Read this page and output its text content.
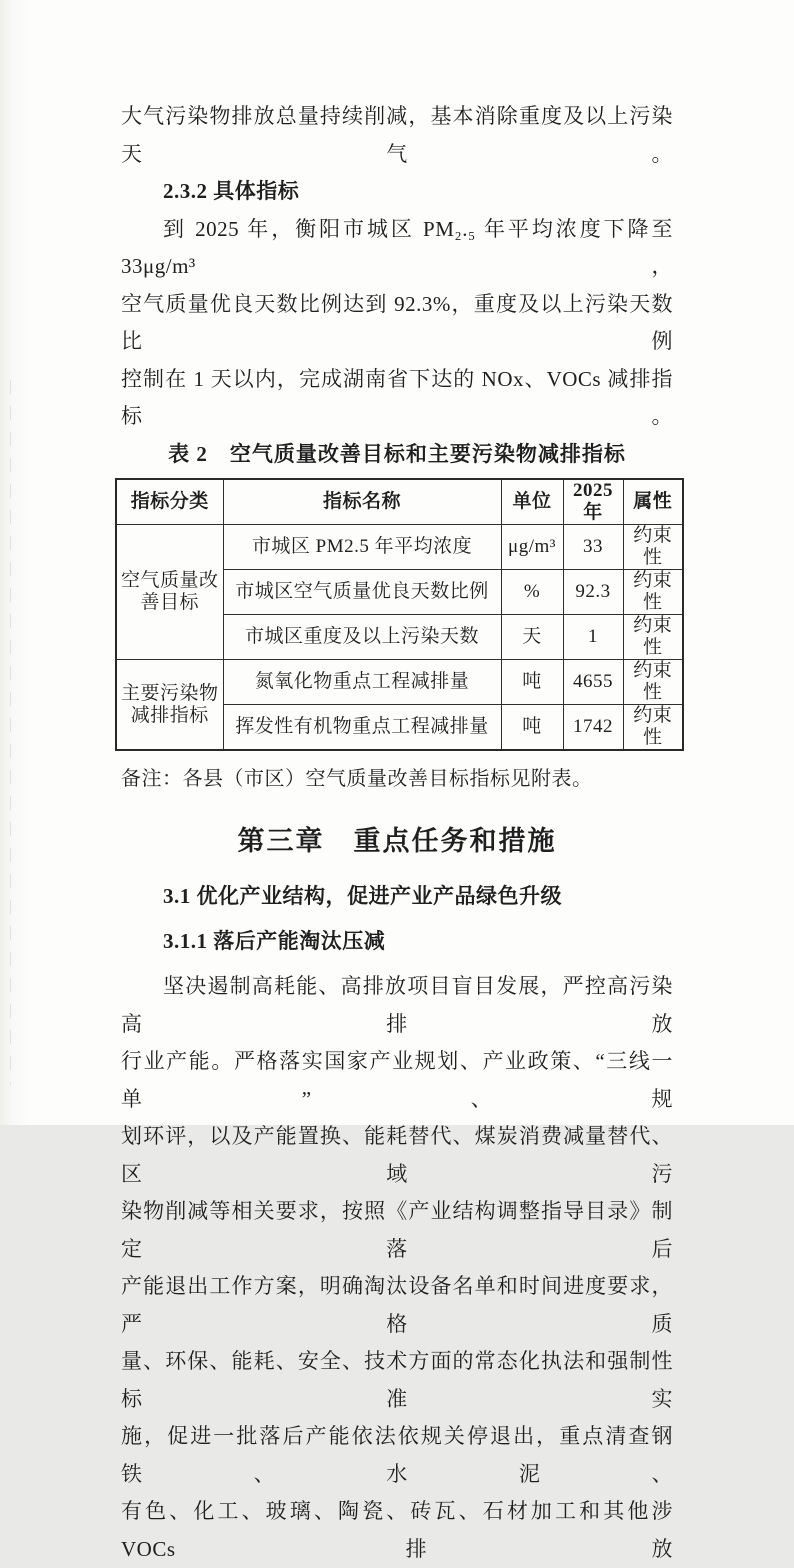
大气污染物排放总量持续削减，基本消除重度及以上污染天气。
2.3.2 具体指标
到 2025 年，衡阳市城区 PM₂.₅ 年平均浓度下降至 33μg/m³，
空气质量优良天数比例达到 92.3%，重度及以上污染天数比例
控制在 1 天以内，完成湖南省下达的 NOx、VOCs 减排指标。
表 2　空气质量改善目标和主要污染物减排指标
指标分类	指标名称	单位	2025 年	属性
空气质量改善目标	市城区 PM2.5 年平均浓度	μg/m³	33	约束性
	市城区空气质量优良天数比例	%	92.3	约束性
	市城区重度及以上污染天数	天	1	约束性
主要污染物减排指标	氮氧化物重点工程减排量	吨	4655	约束性
	挥发性有机物重点工程减排量	吨	1742	约束性
备注：各县（市区）空气质量改善目标指标见附表。
第三章　重点任务和措施
3.1 优化产业结构，促进产业产品绿色升级
3.1.1 落后产能淘汰压减
坚决遏制高耗能、高排放项目盲目发展，严控高污染高排放
行业产能。严格落实国家产业规划、产业政策、“三线一单”、规
划环评，以及产能置换、能耗替代、煤炭消费减量替代、区域污
染物削减等相关要求，按照《产业结构调整指导目录》制定落后
产能退出工作方案，明确淘汰设备名单和时间进度要求，严格质
量、环保、能耗、安全、技术方面的常态化执法和强制性标准实
施，促进一批落后产能依法依规关停退出，重点清查钢铁、水泥、
有色、化工、玻璃、陶瓷、砖瓦、石材加工和其他涉 VOCs 排放
